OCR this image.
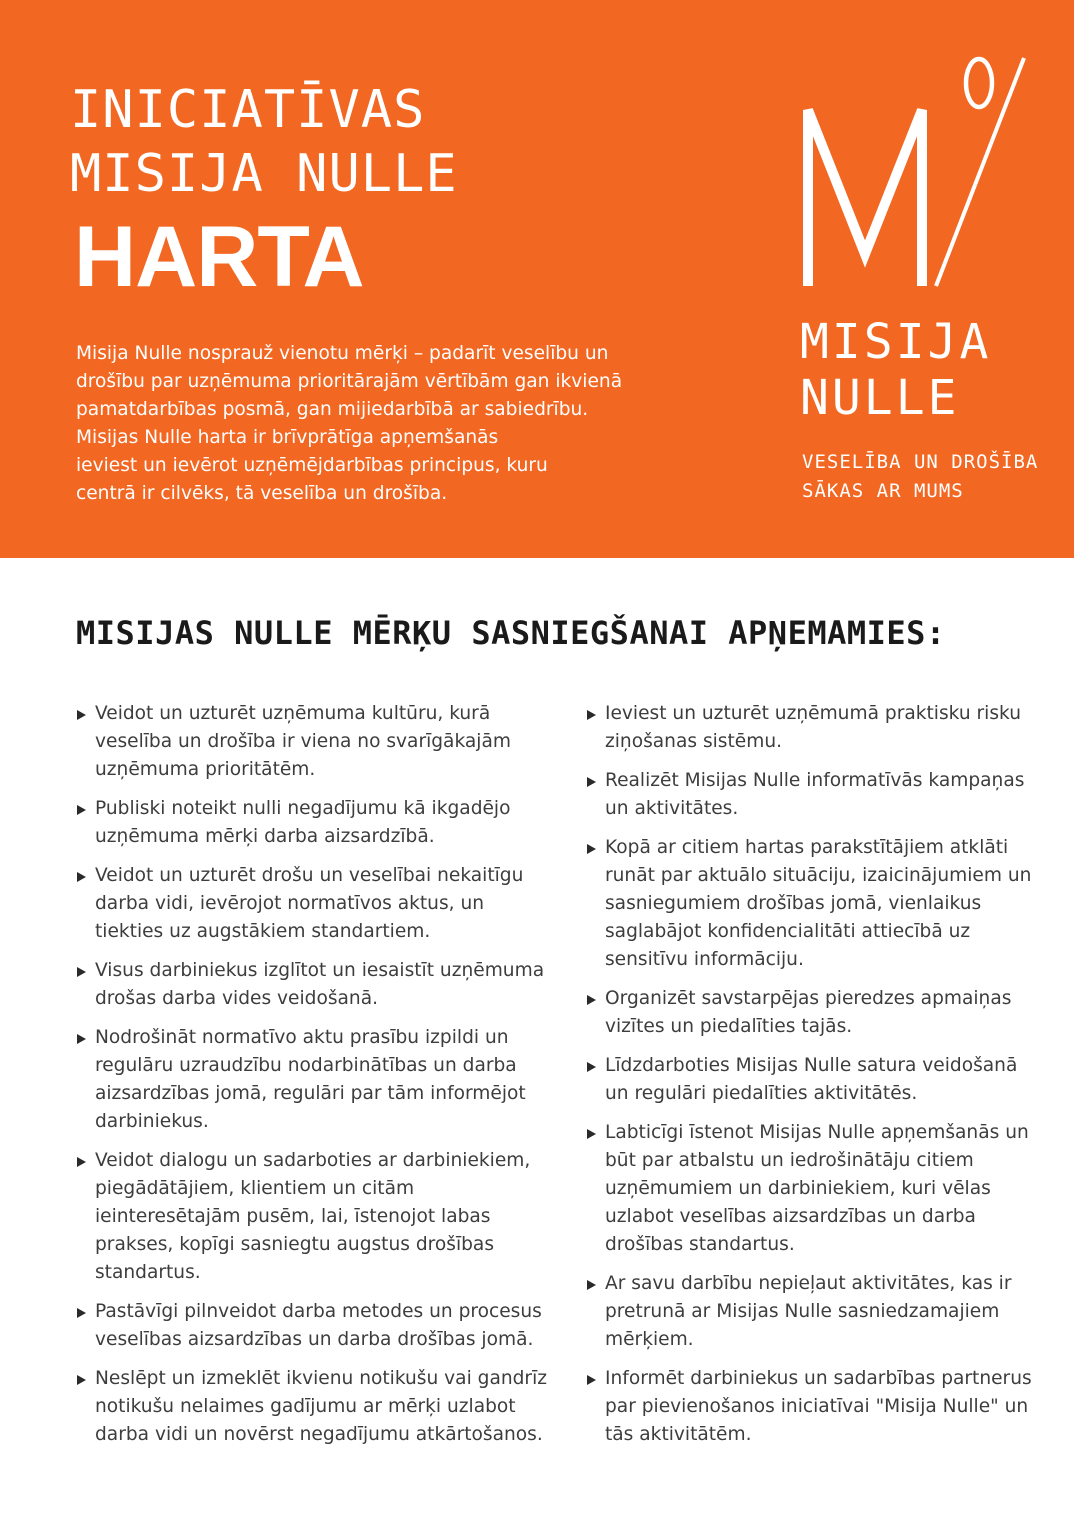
INICIATĪVAS
MISIJA NULLE
HARTA
Misija Nulle nosprauž vienotu mērķi – padarīt veselību un
drošību par uzņēmuma prioritārajām vērtībām gan ikvienā
pamatdarbības posmā, gan mijiedarbībā ar sabiedrību.
Misijas Nulle harta ir brīvprātīga apņemšanās
ieviest un ievērot uzņēmējdarbības principus, kuru
centrā ir cilvēks, tā veselība un drošība.
MISIJA
NULLE
VESELĪBA UN DROŠĪBA
SĀKAS AR MUMS
MISIJAS NULLE MĒRĶU SASNIEGŠANAI APŅEMAMIES:
Veidot un uzturēt uzņēmuma kultūru, kurā
veselība un drošība ir viena no svarīgākajām
uzņēmuma prioritātēm.
Publiski noteikt nulli negadījumu kā ikgadējo
uzņēmuma mērķi darba aizsardzībā.
Veidot un uzturēt drošu un veselībai nekaitīgu
darba vidi, ievērojot normatīvos aktus, un
tiekties uz augstākiem standartiem.
Visus darbiniekus izglītot un iesaistīt uzņēmuma
drošas darba vides veidošanā.
Nodrošināt normatīvo aktu prasību izpildi un
regulāru uzraudzību nodarbinātības un darba
aizsardzības jomā, regulāri par tām informējot
darbiniekus.
Veidot dialogu un sadarboties ar darbiniekiem,
piegādātājiem, klientiem un citām
ieinteresētajām pusēm, lai, īstenojot labas
prakses, kopīgi sasniegtu augstus drošības
standartus.
Pastāvīgi pilnveidot darba metodes un procesus
veselības aizsardzības un darba drošības jomā.
Neslēpt un izmeklēt ikvienu notikušu vai gandrīz
notikušu nelaimes gadījumu ar mērķi uzlabot
darba vidi un novērst negadījumu atkārtošanos.
Ieviest un uzturēt uzņēmumā praktisku risku
ziņošanas sistēmu.
Realizēt Misijas Nulle informatīvās kampaņas
un aktivitātes.
Kopā ar citiem hartas parakstītājiem atklāti
runāt par aktuālo situāciju, izaicinājumiem un
sasniegumiem drošības jomā, vienlaikus
saglabājot konfidencialitāti attiecībā uz
sensitīvu informāciju.
Organizēt savstarpējas pieredzes apmaiņas
vizītes un piedalīties tajās.
Līdzdarboties Misijas Nulle satura veidošanā
un regulāri piedalīties aktivitātēs.
Labticīgi īstenot Misijas Nulle apņemšanās un
būt par atbalstu un iedrošinātāju citiem
uzņēmumiem un darbiniekiem, kuri vēlas
uzlabot veselības aizsardzības un darba
drošības standartus.
Ar savu darbību nepieļaut aktivitātes, kas ir
pretrunā ar Misijas Nulle sasniedzamajiem
mērķiem.
Informēt darbiniekus un sadarbības partnerus
par pievienošanos iniciatīvai "Misija Nulle" un
tās aktivitātēm.
